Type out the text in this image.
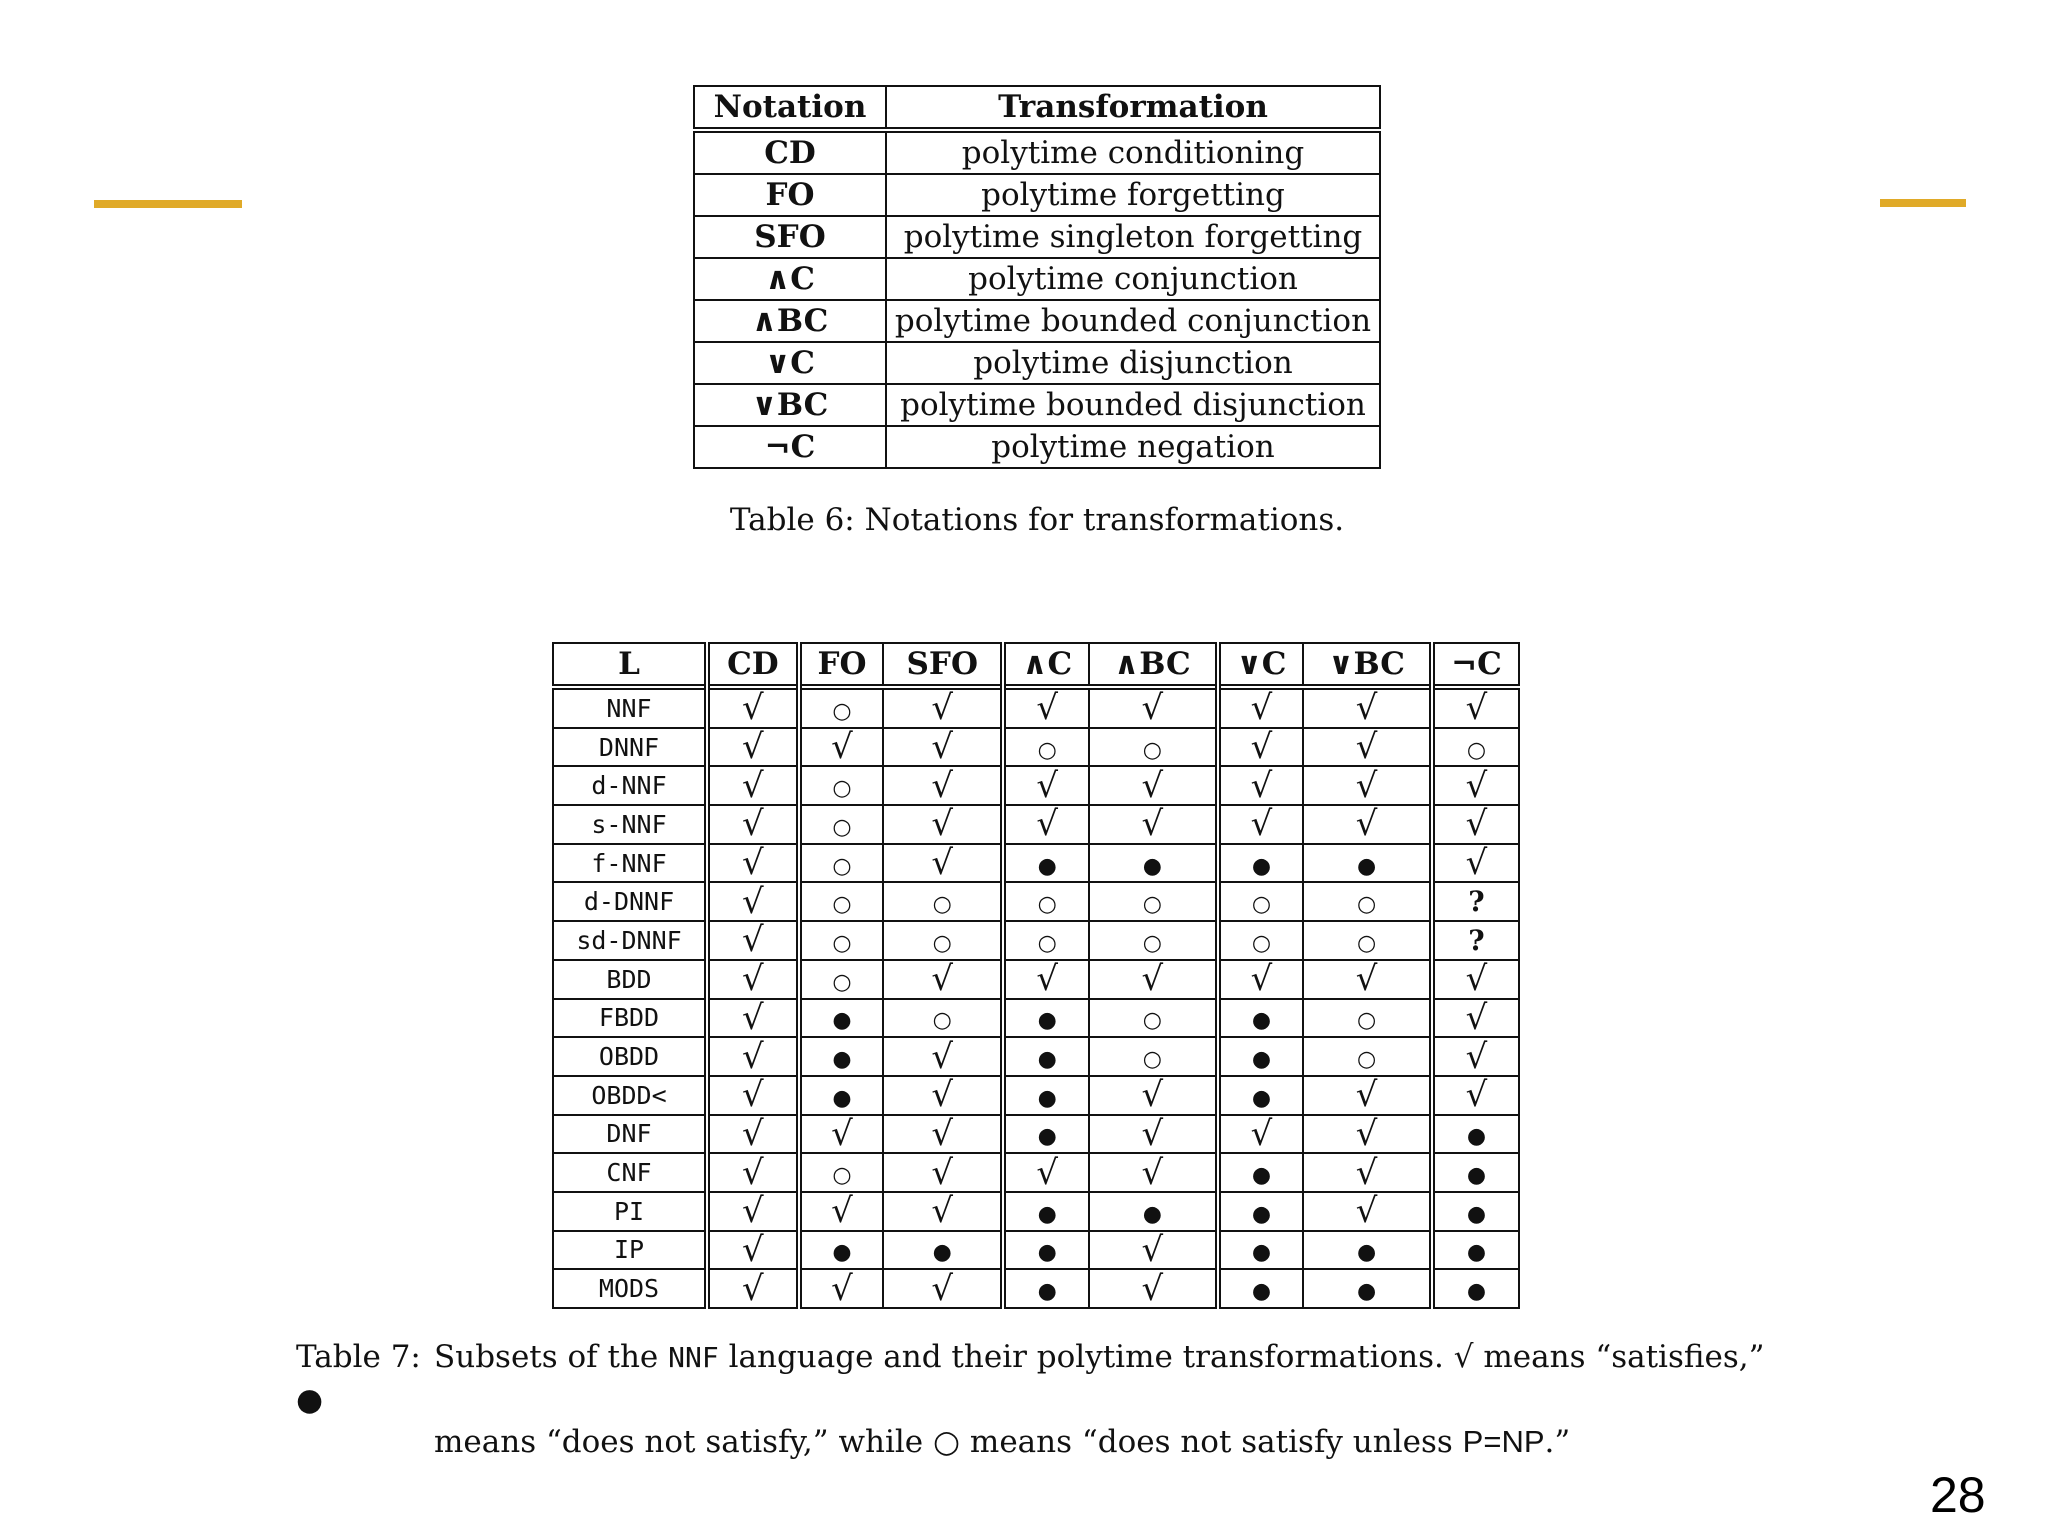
Notation	Transformation
CD	polytime conditioning
FO	polytime forgetting
SFO	polytime singleton forgetting
∧C	polytime conjunction
∧BC	polytime bounded conjunction
∨C	polytime disjunction
∨BC	polytime bounded disjunction
¬C	polytime negation
Table 6: Notations for transformations.
L	CD	FO	SFO	∧C	∧BC	∨C	∨BC	¬C
NNF	√	○	√	√	√	√	√	√
DNNF	√	√	√	○	○	√	√	○
d-NNF	√	○	√	√	√	√	√	√
s-NNF	√	○	√	√	√	√	√	√
f-NNF	√	○	√	●	●	●	●	√
d-DNNF	√	○	○	○	○	○	○	?
sd-DNNF	√	○	○	○	○	○	○	?
BDD	√	○	√	√	√	√	√	√
FBDD	√	●	○	●	○	●	○	√
OBDD	√	●	√	●	○	●	○	√
OBDD<	√	●	√	●	√	●	√	√
DNF	√	√	√	●	√	√	√	●
CNF	√	○	√	√	√	●	√	●
PI	√	√	√	●	●	●	√	●
IP	√	●	●	●	√	●	●	●
MODS	√	√	√	●	√	●	●	●
Table 7: Subsets of the NNF language and their polytime transformations. √ means “satisfies,” ●
means “does not satisfy,” while ○ means “does not satisfy unless P=NP.”
28
